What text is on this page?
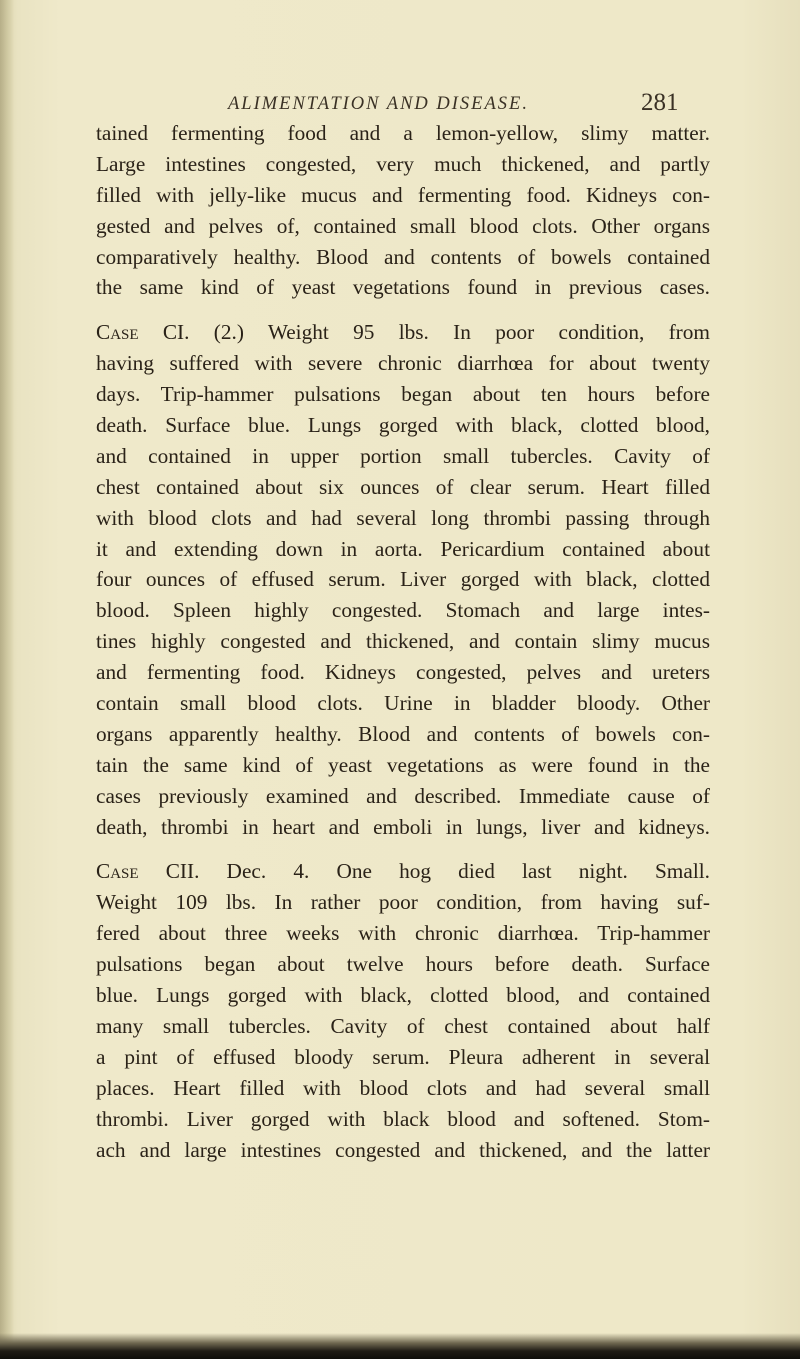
ALIMENTATION AND DISEASE.	281
tained fermenting food and a lemon-yellow, slimy matter.
Large intestines congested, very much thickened, and partly
filled with jelly-like mucus and fermenting food. Kidneys con-
gested and pelves of, contained small blood clots. Other organs
comparatively healthy. Blood and contents of bowels contained
the same kind of yeast vegetations found in previous cases.
Case CI. (2.) Weight 95 lbs. In poor condition, from
having suffered with severe chronic diarrhœa for about twenty
days. Trip-hammer pulsations began about ten hours before
death. Surface blue. Lungs gorged with black, clotted blood,
and contained in upper portion small tubercles. Cavity of
chest contained about six ounces of clear serum. Heart filled
with blood clots and had several long thrombi passing through
it and extending down in aorta. Pericardium contained about
four ounces of effused serum. Liver gorged with black, clotted
blood. Spleen highly congested. Stomach and large intes-
tines highly congested and thickened, and contain slimy mucus
and fermenting food. Kidneys congested, pelves and ureters
contain small blood clots. Urine in bladder bloody. Other
organs apparently healthy. Blood and contents of bowels con-
tain the same kind of yeast vegetations as were found in the
cases previously examined and described. Immediate cause of
death, thrombi in heart and emboli in lungs, liver and kidneys.
Case CII. Dec. 4. One hog died last night. Small.
Weight 109 lbs. In rather poor condition, from having suf-
fered about three weeks with chronic diarrhœa. Trip-hammer
pulsations began about twelve hours before death. Surface
blue. Lungs gorged with black, clotted blood, and contained
many small tubercles. Cavity of chest contained about half
a pint of effused bloody serum. Pleura adherent in several
places. Heart filled with blood clots and had several small
thrombi. Liver gorged with black blood and softened. Stom-
ach and large intestines congested and thickened, and the latter
